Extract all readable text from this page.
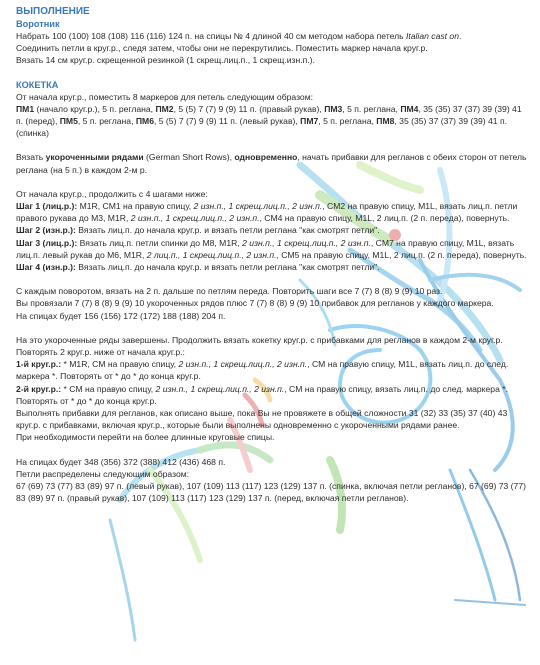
ВЫПОЛНЕНИЕ
Воротник

Набрать 100 (100) 108 (108) 116 (116) 124 п. на спицы № 4 длиной 40 см методом набора петель Italian cast on.

Соединить петли в круг.р., следя затем, чтобы они не перекрутились. Поместить маркер начала круг.р.

Вязать 14 см круг.р. скрещенной резинкой (1 скрещ.лиц.п., 1 скрещ.изн.п.).

КОКЕТКА

От начала круг.р., поместить 8 маркеров для петель следующим образом:

ПМ1 (начало круг.р.), 5 п. реглана, ПМ2, 5 (5) 7 (7) 9 (9) 11 п. (правый рукав), ПМ3, 5 п. реглана, ПМ4, 35 (35) 37 (37) 39 (39) 41 п. (перед), ПМ5, 5 п. реглана, ПМ6, 5 (5) 7 (7) 9 (9) 11 п. (левый рукав), ПМ7, 5 п. реглана, ПМ8, 35 (35) 37 (37) 39 (39) 41 п. (спинка)

Вязать укороченными рядами (German Short Rows), одновременно, начать прибавки для регланов с обеих сторон от петель реглана (на 5 п.) в каждом 2-м р.

От начала круг.р., продолжить с 4 шагами ниже:

Шаг 1 (лиц.р.): M1R, CM1 на правую спицу, 2 изн.п., 1 скрещ.лиц.п., 2 изн.п., CM2 на правую спицу, M1L, вязать лиц.п. петли правого рукава до M3, M1R, 2 изн.п., 1 скрещ.лиц.п., 2 изн.п., CM4 на правую спицу, M1L, 2 лиц.п. (2 п. переда), повернуть.

Шаг 2 (изн.р.): Вязать лиц.п. до начала круг.р. и вязать петли реглана "как смотрят петли".

Шаг 3 (лиц.р.): Вязать лиц.п. петли спинки до M8, M1R, 2 изн.п., 1 скрещ.лиц.п., 2 изн.п., CM7 на правую спицу, M1L, вязать лиц.п. левый рукав до M6, M1R, 2 лиц.п., 1 скрещ.лиц.п., 2 изн.п., CM5 на правую спицу, M1L, 2 лиц.п. (2 п. переда), повернуть.

Шаг 4 (изн.р.): Вязать лиц.п. до начала круг.р. и вязать петли реглана "как смотрят петли".

С каждым поворотом, вязать на 2 п. дальше по петлям переда. Повторить шаги все 7 (7) 8 (8) 9 (9) 10 раз.

Вы провязали 7 (7) 8 (8) 9 (9) 10 укороченных рядов плюс 7 (7) 8 (8) 9 (9) 10 прибавок для регланов у каждого маркера.

На спицах будет 156 (156) 172 (172) 188 (188) 204 п.

На это укороченные ряды завершены. Продолжить вязать кокетку круг.р. с прибавками для регланов в каждом 2-м круг.р. Повторять 2 круг.р. ниже от начала круг.р.:

1-й круг.р.: * M1R, CM на правую спицу, 2 изн.п., 1 скрещ.лиц.п., 2 изн.п., CM на правую спицу, M1L, вязать лиц.п. до след. маркера *. Повторять от * до * до конца круг.р.

2-й круг.р.: * CM на правую спицу, 2 изн.п., 1 скрещ.лиц.п., 2 изн.п., CM на правую спицу, вязать лиц.п. до след. маркера *. Повторять от * до * до конца круг.р.

Выполнять прибавки для регланов, как описано выше, пока Вы не провяжете в общей сложности 31 (32) 33 (35) 37 (40) 43 круг.р. с прибавками, включая круг.р., которые были выполнены одновременно с укороченными рядами ранее.

При необходимости перейти на более длинные круговые спицы.

На спицах будет 348 (356) 372 (388) 412 (436) 468 п.

Петли распределены следующим образом:

67 (69) 73 (77) 83 (89) 97 п. (левый рукав), 107 (109) 113 (117) 123 (129) 137 п. (спинка, включая петли регланов), 67 (69) 73 (77) 83 (89) 97 п. (правый рукав), 107 (109) 113 (117) 123 (129) 137 п. (перед, включая петли регланов).
